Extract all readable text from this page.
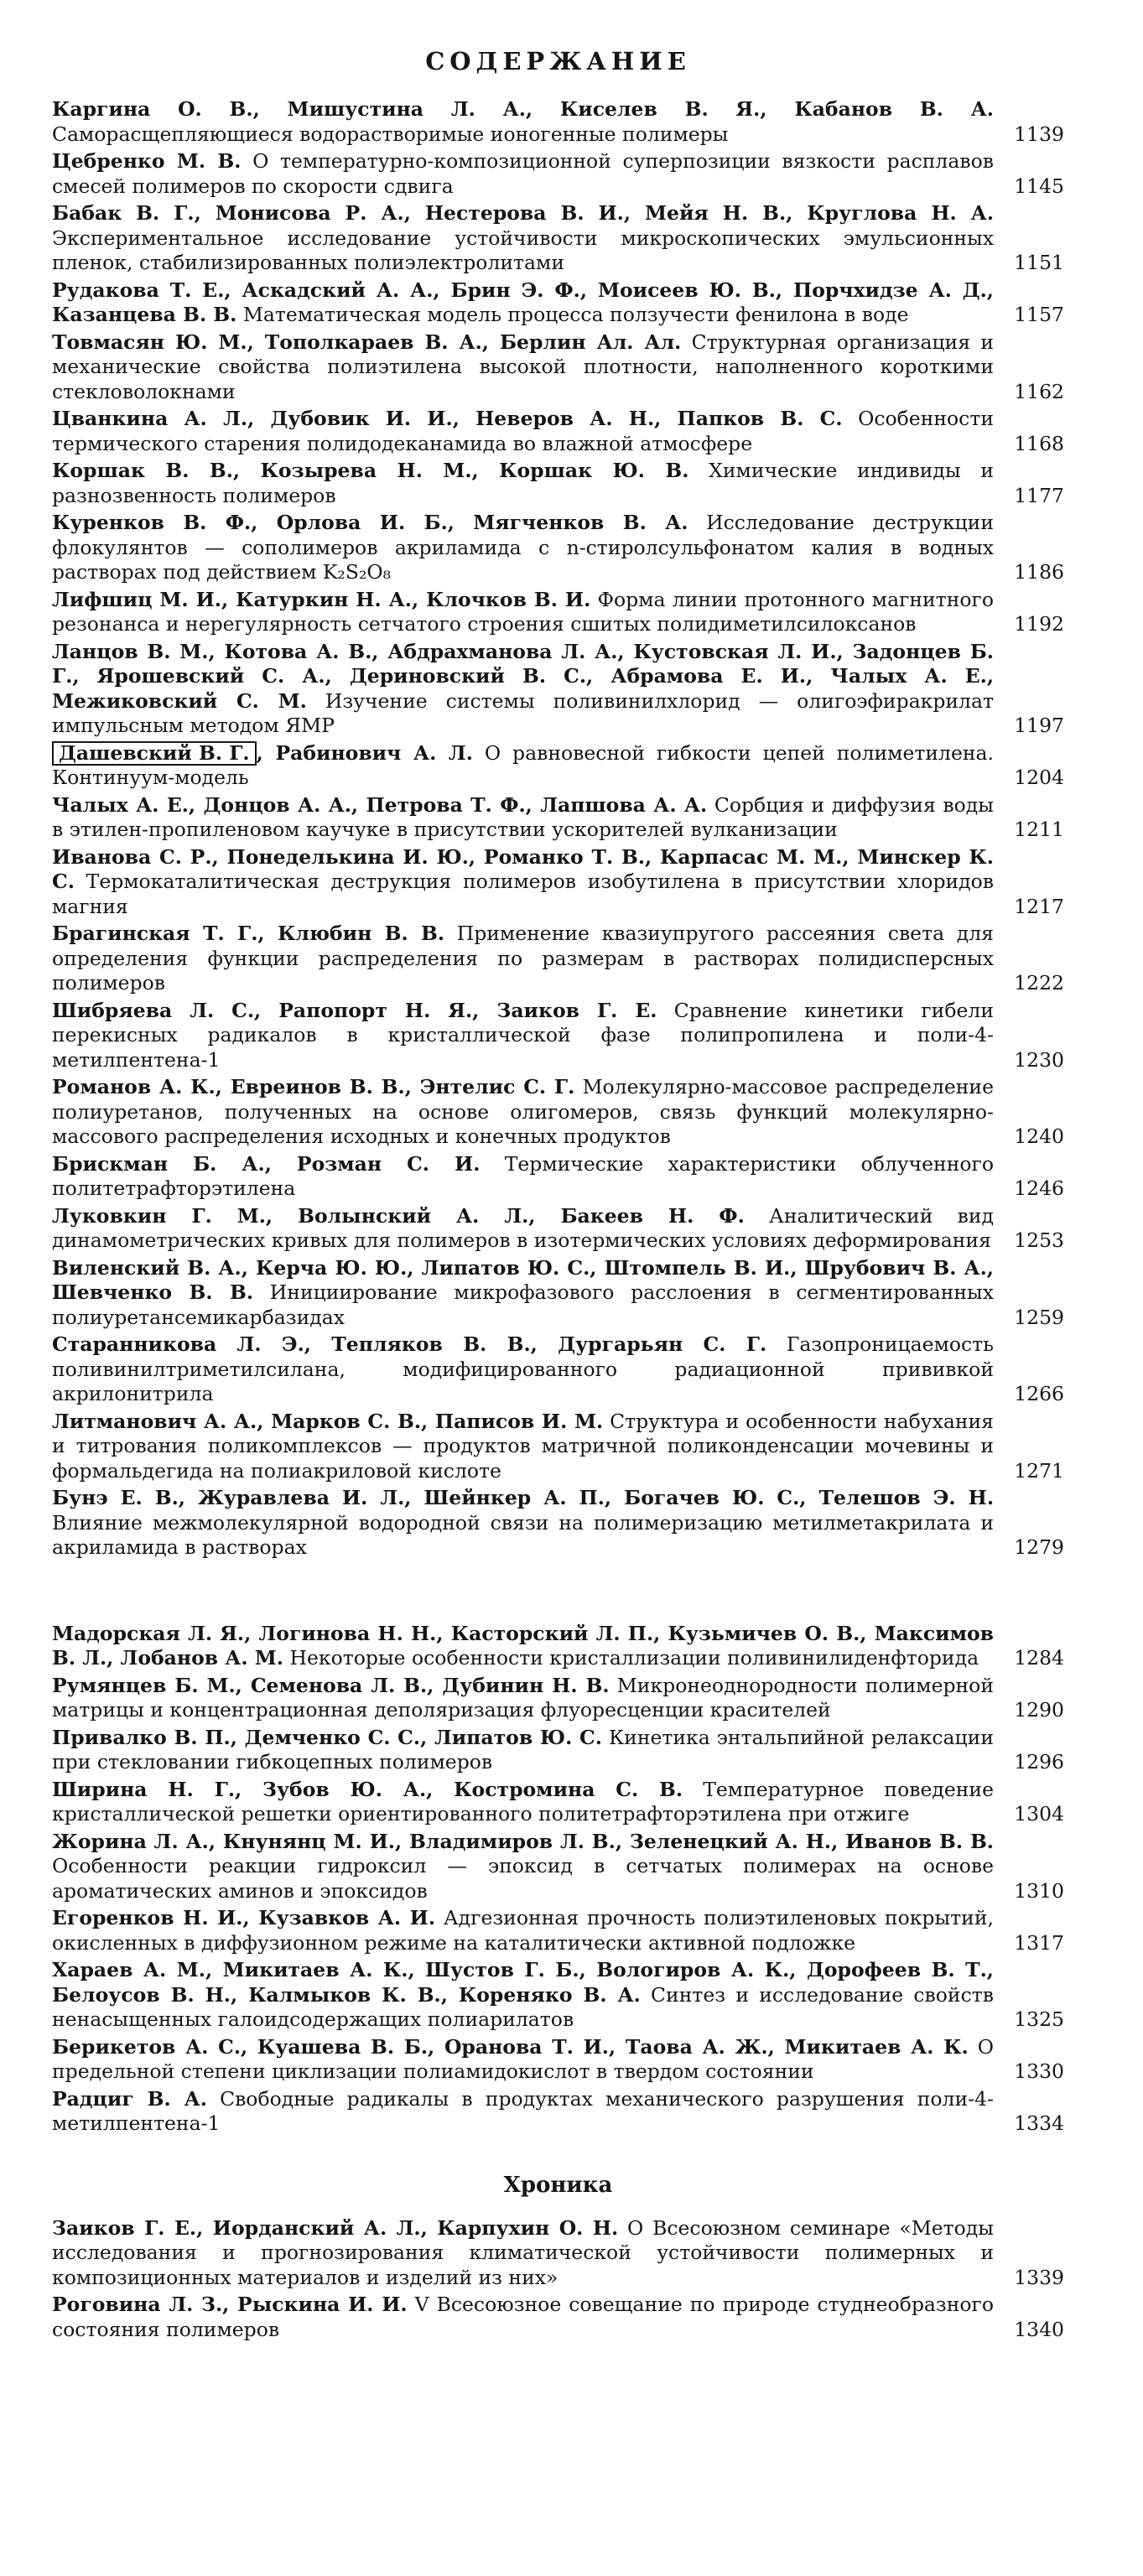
СОДЕРЖАНИЕ
Каргина О. В., Мишустина Л. А., Киселев В. Я., Кабанов В. А. Саморасщепляющиеся водорастворимые ионогенные полимеры	1139
Цебренко М. В. О температурно-композиционной суперпозиции вязкости расплавов смесей полимеров по скорости сдвига	1145
Бабак В. Г., Монисова Р. А., Нестерова В. И., Мейя Н. В., Круглова Н. А. Экспериментальное исследование устойчивости микроскопических эмульсионных пленок, стабилизированных полиэлектролитами	1151
Рудакова Т. Е., Аскадский А. А., Брин Э. Ф., Моисеев Ю. В., Порчхидзе А. Д., Казанцева В. В. Математическая модель процесса ползучести фенилона в воде	1157
Товмасян Ю. М., Тополкараев В. А., Берлин Ал. Ал. Структурная организация и механические свойства полиэтилена высокой плотности, наполненного короткими стекловолокнами	1162
Цванкина А. Л., Дубовик И. И., Неверов А. Н., Папков В. С. Особенности термического старения полидодеканамида во влажной атмосфере	1168
Коршак В. В., Козырева Н. М., Коршак Ю. В. Химические индивиды и разнозвенность полимеров	1177
Куренков В. Ф., Орлова И. Б., Мягченков В. А. Исследование деструкции флокулянтов — сополимеров акриламида с n-стиролсульфонатом калия в водных растворах под действием K₂S₂O₈	1186
Лифшиц М. И., Катуркин Н. А., Клочков В. И. Форма линии протонного магнитного резонанса и нерегулярность сетчатого строения сшитых полидиметилсилоксанов	1192
Ланцов В. М., Котова А. В., Абдрахманова Л. А., Кустовская Л. И., Задонцев Б. Г., Ярошевский С. А., Дериновский В. С., Абрамова Е. И., Чалых А. Е., Межиковский С. М. Изучение системы поливинилхлорид — олигоэфиракрилат импульсным методом ЯМР	1197
Дашевский В. Г. , Рабинович А. Л. О равновесной гибкости цепей полиметилена. Континуум-модель	1204
Чалых А. Е., Донцов А. А., Петрова Т. Ф., Лапшова А. А. Сорбция и диффузия воды в этилен-пропиленовом каучуке в присутствии ускорителей вулканизации	1211
Иванова С. Р., Понеделькина И. Ю., Романко Т. В., Карпасас М. М., Минскер К. С. Термокаталитическая деструкция полимеров изобутилена в присутствии хлоридов магния	1217
Брагинская Т. Г., Клюбин В. В. Применение квазиупругого рассеяния света для определения функции распределения по размерам в растворах полидисперсных полимеров	1222
Шибряева Л. С., Рапопорт Н. Я., Заиков Г. Е. Сравнение кинетики гибели перекисных радикалов в кристаллической фазе полипропилена и поли-4-метилпентена-1	1230
Романов А. К., Евреинов В. В., Энтелис С. Г. Молекулярно-массовое распределение полиуретанов, полученных на основе олигомеров, связь функций молекулярно-массового распределения исходных и конечных продуктов	1240
Брискман Б. А., Розман С. И. Термические характеристики облученного политетрафторэтилена	1246
Луковкин Г. М., Волынский А. Л., Бакеев Н. Ф. Аналитический вид динамометрических кривых для полимеров в изотермических условиях деформирования	1253
Виленский В. А., Керча Ю. Ю., Липатов Ю. С., Штомпель В. И., Шрубович В. А., Шевченко В. В. Инициирование микрофазового расслоения в сегментированных полиуретансемикарбазидах	1259
Старанникова Л. Э., Тепляков В. В., Дургарьян С. Г. Газопроницаемость поливинилтриметилсилана, модифицированного радиационной прививкой акрилонитрила	1266
Литманович А. А., Марков С. В., Паписов И. М. Структура и особенности набухания и титрования поликомплексов — продуктов матричной поликонденсации мочевины и формальдегида на полиакриловой кислоте	1271
Бунэ Е. В., Журавлева И. Л., Шейнкер А. П., Богачев Ю. С., Телешов Э. Н. Влияние межмолекулярной водородной связи на полимеризацию метилметакрилата и акриламида в растворах	1279
Мадорская Л. Я., Логинова Н. Н., Касторский Л. П., Кузьмичев О. В., Максимов В. Л., Лобанов А. М. Некоторые особенности кристаллизации поливинилиденфторида	1284
Румянцев Б. М., Семенова Л. В., Дубинин Н. В. Микронеоднородности полимерной матрицы и концентрационная деполяризация флуоресценции красителей	1290
Привалко В. П., Демченко С. С., Липатов Ю. С. Кинетика энтальпийной релаксации при стекловании гибкоцепных полимеров	1296
Ширина Н. Г., Зубов Ю. А., Костромина С. В. Температурное поведение кристаллической решетки ориентированного политетрафторэтилена при отжиге	1304
Жорина Л. А., Кнунянц М. И., Владимиров Л. В., Зеленецкий А. Н., Иванов В. В. Особенности реакции гидроксил — эпоксид в сетчатых полимерах на основе ароматических аминов и эпоксидов	1310
Егоренков Н. И., Кузавков А. И. Адгезионная прочность полиэтиленовых покрытий, окисленных в диффузионном режиме на каталитически активной подложке	1317
Хараев А. М., Микитаев А. К., Шустов Г. Б., Вологиров А. К., Дорофеев В. Т., Белоусов В. Н., Калмыков К. В., Кореняко В. А. Синтез и исследование свойств ненасыщенных галоидсодержащих полиарилатов	1325
Берикетов А. С., Куашева В. Б., Оранова Т. И., Таова А. Ж., Микитаев А. К. О предельной степени циклизации полиамидокислот в твердом состоянии	1330
Радциг В. А. Свободные радикалы в продуктах механического разрушения поли-4-метилпентена-1	1334
Хроника
Заиков Г. Е., Иорданский А. Л., Карпухин О. Н. О Всесоюзном семинаре «Методы исследования и прогнозирования климатической устойчивости полимерных и композиционных материалов и изделий из них»	1339
Роговина Л. З., Рыскина И. И. V Всесоюзное совещание по природе студнеобразного состояния полимеров	1340
